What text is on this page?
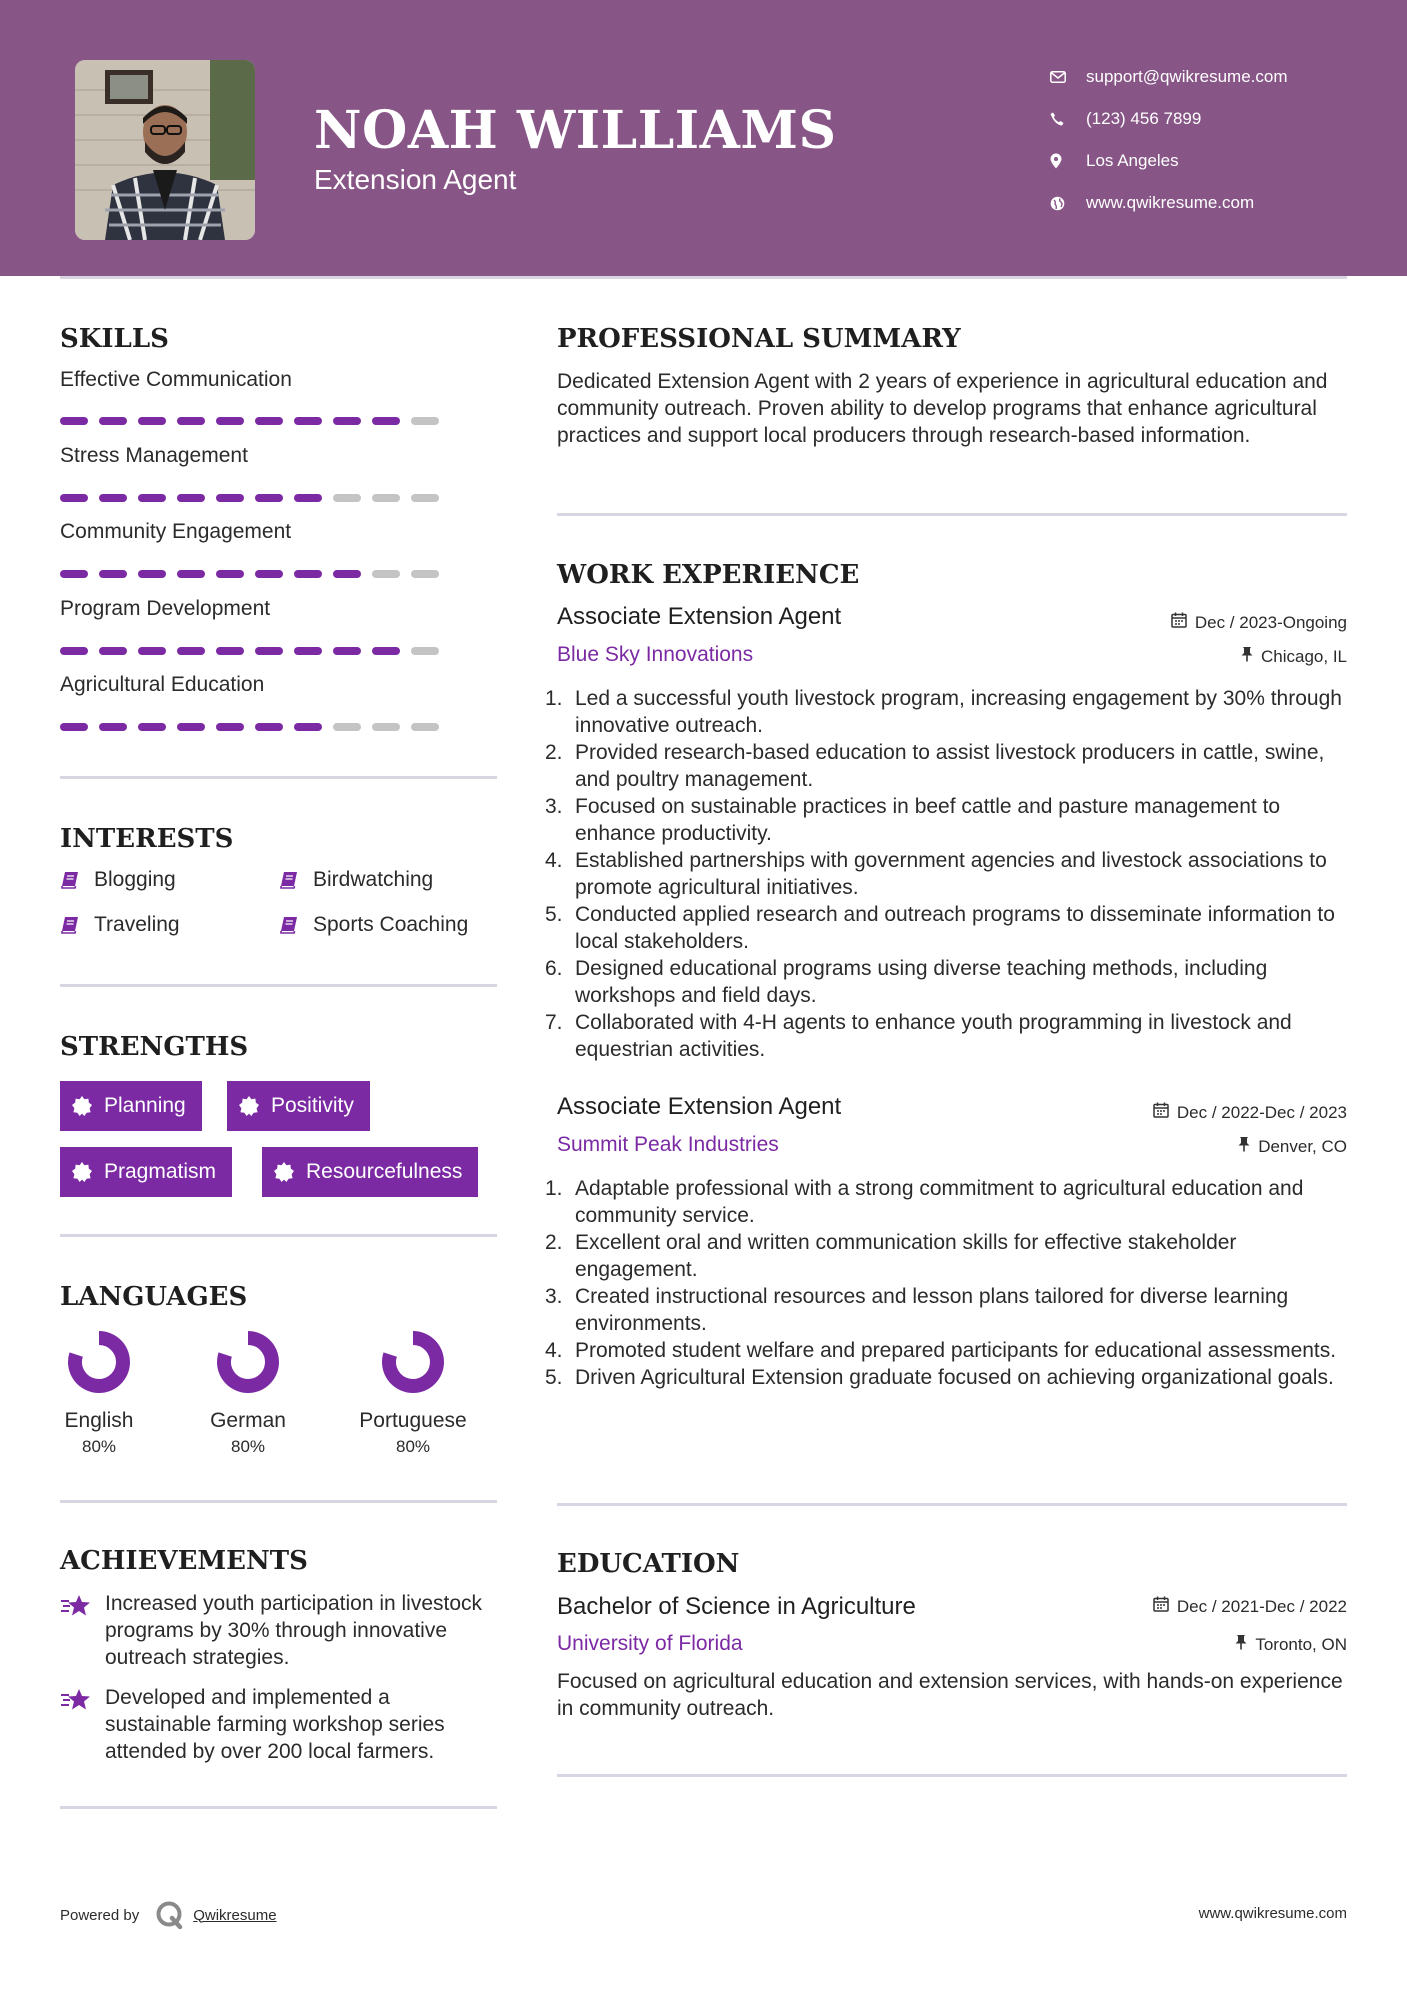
NOAH WILLIAMS
Extension Agent
support@qwikresume.com
(123) 456 7899
Los Angeles
www.qwikresume.com
SKILLS
Effective Communication
Stress Management
Community Engagement
Program Development
Agricultural Education
INTERESTS
Blogging	Birdwatching
Traveling	Sports Coaching
STRENGTHS
Planning	Positivity
Pragmatism	Resourcefulness
LANGUAGES
English
80%
German
80%
Portuguese
80%
ACHIEVEMENTS
Increased youth participation in livestock programs by 30% through innovative outreach strategies.
Developed and implemented a sustainable farming workshop series attended by over 200 local farmers.
PROFESSIONAL SUMMARY
Dedicated Extension Agent with 2 years of experience in agricultural education and community outreach. Proven ability to develop programs that enhance agricultural practices and support local producers through research-based information.
WORK EXPERIENCE
Associate Extension Agent	Dec / 2023-Ongoing
Blue Sky Innovations	Chicago, IL
1. Led a successful youth livestock program, increasing engagement by 30% through innovative outreach.
2. Provided research-based education to assist livestock producers in cattle, swine, and poultry management.
3. Focused on sustainable practices in beef cattle and pasture management to enhance productivity.
4. Established partnerships with government agencies and livestock associations to promote agricultural initiatives.
5. Conducted applied research and outreach programs to disseminate information to local stakeholders.
6. Designed educational programs using diverse teaching methods, including workshops and field days.
7. Collaborated with 4-H agents to enhance youth programming in livestock and equestrian activities.
Associate Extension Agent	Dec / 2022-Dec / 2023
Summit Peak Industries	Denver, CO
1. Adaptable professional with a strong commitment to agricultural education and community service.
2. Excellent oral and written communication skills for effective stakeholder engagement.
3. Created instructional resources and lesson plans tailored for diverse learning environments.
4. Promoted student welfare and prepared participants for educational assessments.
5. Driven Agricultural Extension graduate focused on achieving organizational goals.
EDUCATION
Bachelor of Science in Agriculture	Dec / 2021-Dec / 2022
University of Florida	Toronto, ON
Focused on agricultural education and extension services, with hands-on experience in community outreach.
Powered by	Qwikresume	www.qwikresume.com
